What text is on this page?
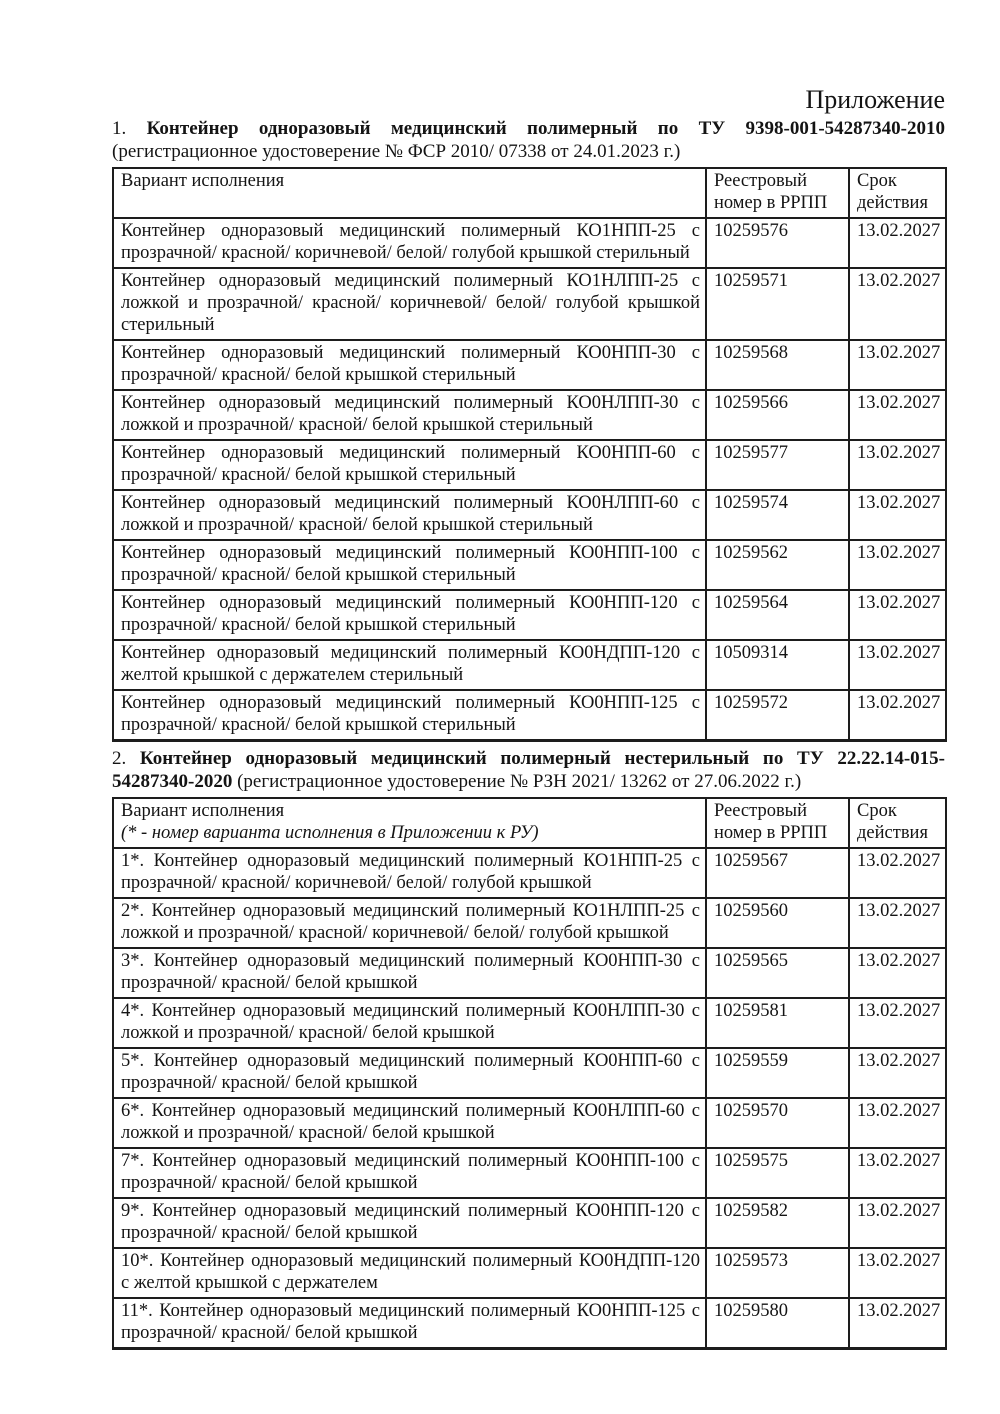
Приложение
1. Контейнер одноразовый медицинский полимерный по ТУ 9398-001-54287340-2010
(регистрационное удостоверение № ФСР 2010/ 07338 от 24.01.2023 г.)
Вариант исполнения	Реестровый номер в РРПП	Срок действия
Контейнер одноразовый медицинский полимерный КО1НПП-25 с прозрачной/ красной/ коричневой/ белой/ голубой крышкой стерильный	10259576	13.02.2027
Контейнер одноразовый медицинский полимерный КО1НЛПП-25 с ложкой и прозрачной/ красной/ коричневой/ белой/ голубой крышкой стерильный	10259571	13.02.2027
Контейнер одноразовый медицинский полимерный КО0НПП-30 с прозрачной/ красной/ белой крышкой стерильный	10259568	13.02.2027
Контейнер одноразовый медицинский полимерный КО0НЛПП-30 с ложкой и прозрачной/ красной/ белой крышкой стерильный	10259566	13.02.2027
Контейнер одноразовый медицинский полимерный КО0НПП-60 с прозрачной/ красной/ белой крышкой стерильный	10259577	13.02.2027
Контейнер одноразовый медицинский полимерный КО0НЛПП-60 с ложкой и прозрачной/ красной/ белой крышкой стерильный	10259574	13.02.2027
Контейнер одноразовый медицинский полимерный КО0НПП-100 с прозрачной/ красной/ белой крышкой стерильный	10259562	13.02.2027
Контейнер одноразовый медицинский полимерный КО0НПП-120 с прозрачной/ красной/ белой крышкой стерильный	10259564	13.02.2027
Контейнер одноразовый медицинский полимерный КО0НДПП-120 с желтой крышкой с держателем стерильный	10509314	13.02.2027
Контейнер одноразовый медицинский полимерный КО0НПП-125 с прозрачной/ красной/ белой крышкой стерильный	10259572	13.02.2027
2. Контейнер одноразовый медицинский полимерный нестерильный по ТУ 22.22.14-015-
54287340-2020 (регистрационное удостоверение № РЗН 2021/ 13262 от 27.06.2022 г.)
Вариант исполнения
(* - номер варианта исполнения в Приложении к РУ)	Реестровый номер в РРПП	Срок действия
1*. Контейнер одноразовый медицинский полимерный КО1НПП-25 с прозрачной/ красной/ коричневой/ белой/ голубой крышкой	10259567	13.02.2027
2*. Контейнер одноразовый медицинский полимерный КО1НЛПП-25 с ложкой и прозрачной/ красной/ коричневой/ белой/ голубой крышкой	10259560	13.02.2027
3*. Контейнер одноразовый медицинский полимерный КО0НПП-30 с прозрачной/ красной/ белой крышкой	10259565	13.02.2027
4*. Контейнер одноразовый медицинский полимерный КО0НЛПП-30 с ложкой и прозрачной/ красной/ белой крышкой	10259581	13.02.2027
5*. Контейнер одноразовый медицинский полимерный КО0НПП-60 с прозрачной/ красной/ белой крышкой	10259559	13.02.2027
6*. Контейнер одноразовый медицинский полимерный КО0НЛПП-60 с ложкой и прозрачной/ красной/ белой крышкой	10259570	13.02.2027
7*. Контейнер одноразовый медицинский полимерный КО0НПП-100 с прозрачной/ красной/ белой крышкой	10259575	13.02.2027
9*. Контейнер одноразовый медицинский полимерный КО0НПП-120 с прозрачной/ красной/ белой крышкой	10259582	13.02.2027
10*. Контейнер одноразовый медицинский полимерный КО0НДПП-120 с желтой крышкой с держателем	10259573	13.02.2027
11*. Контейнер одноразовый медицинский полимерный КО0НПП-125 с прозрачной/ красной/ белой крышкой	10259580	13.02.2027
